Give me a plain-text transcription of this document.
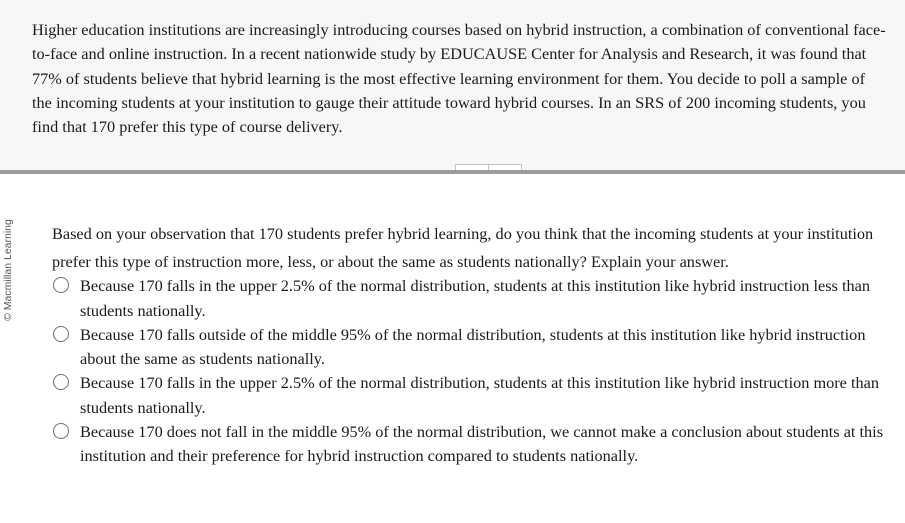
Higher education institutions are increasingly introducing courses based on hybrid instruction, a combination of conventional face-to-face and online instruction. In a recent nationwide study by EDUCAUSE Center for Analysis and Research, it was found that 77% of students believe that hybrid learning is the most effective learning environment for them. You decide to poll a sample of the incoming students at your institution to gauge their attitude toward hybrid courses. In an SRS of 200 incoming students, you find that 170 prefer this type of course delivery.

© Macmillan Learning Based on your observation that 170 students prefer hybrid learning, do you think that the incoming students at your institution prefer this type of instruction more, less, or about the same as students nationally? Explain your answer.

Because 170 falls in the upper 2.5% of the normal distribution, students at this institution like hybrid instruction less than students nationally.
Because 170 falls outside of the middle 95% of the normal distribution, students at this institution like hybrid instruction about the same as students nationally.
Because 170 falls in the upper 2.5% of the normal distribution, students at this institution like hybrid instruction more than students nationally.
Because 170 does not fall in the middle 95% of the normal distribution, we cannot make a conclusion about students at this institution and their preference for hybrid instruction compared to students nationally.
